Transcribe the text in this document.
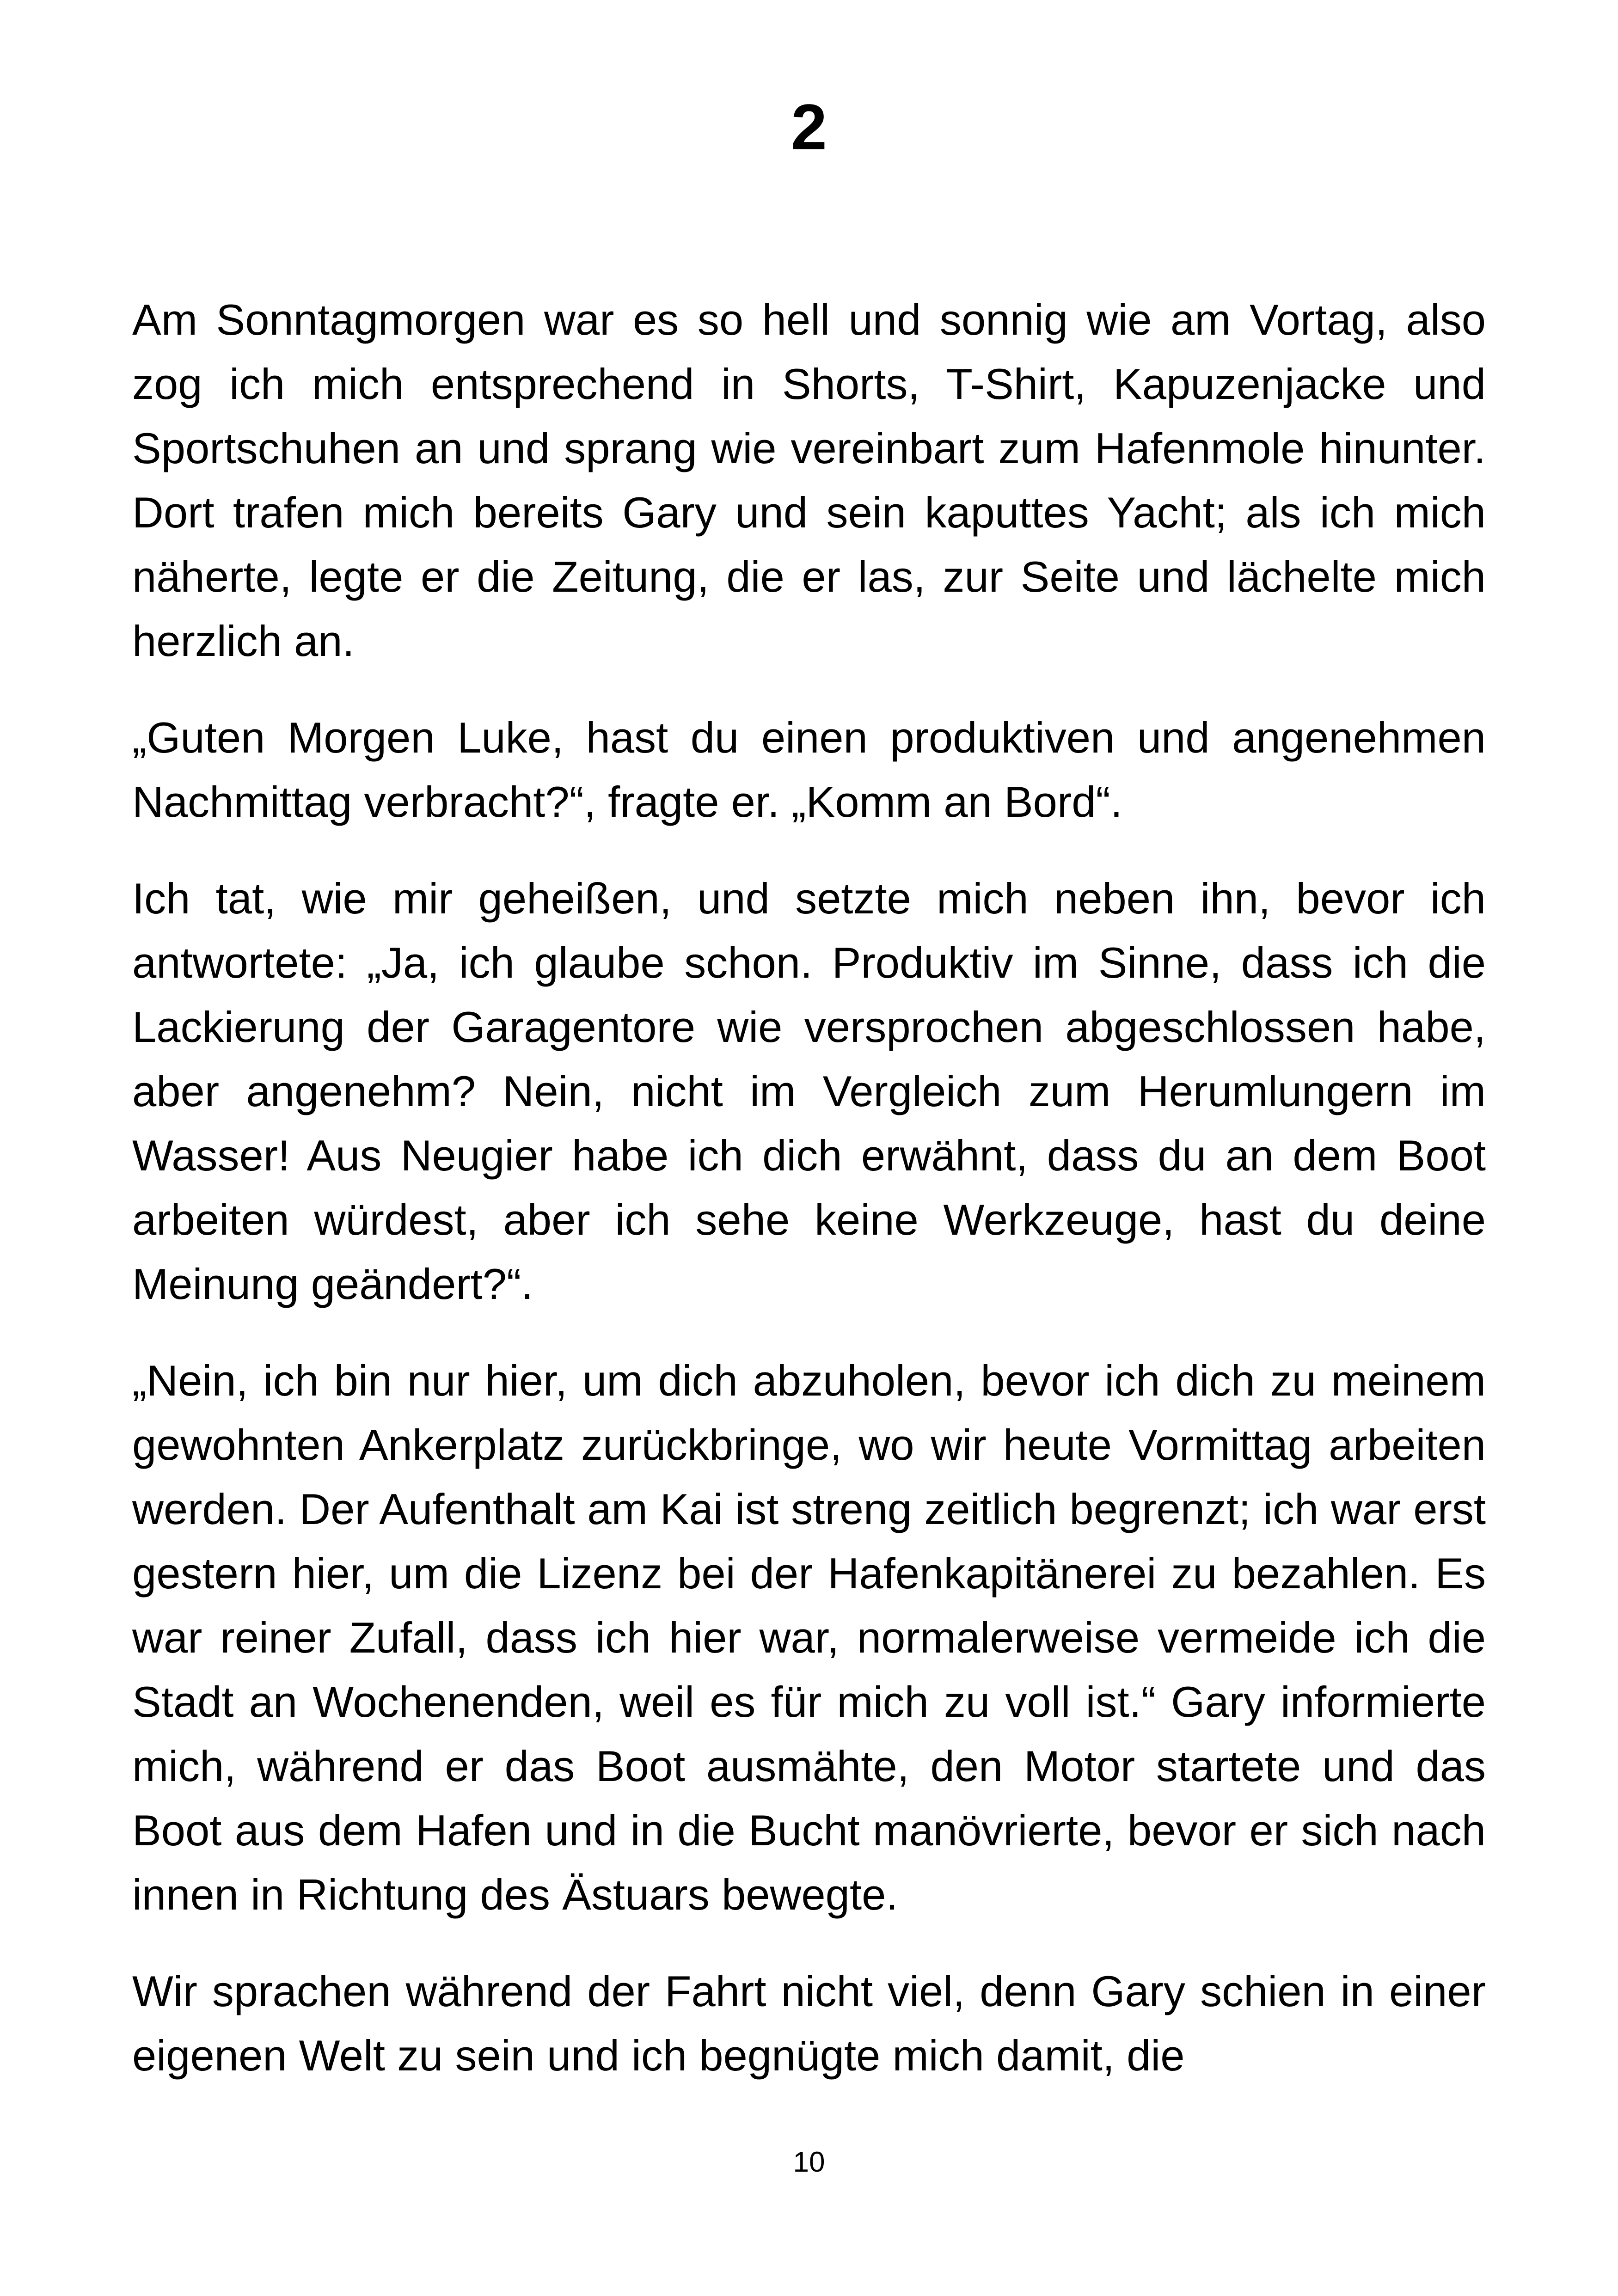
2

Am Sonntagmorgen war es so hell und sonnig wie am Vortag, also zog ich mich entsprechend in Shorts, T-Shirt, Kapuzenjacke und Sportschuhen an und sprang wie vereinbart zum Hafenmole hinunter. Dort trafen mich bereits Gary und sein kaputtes Yacht; als ich mich näherte, legte er die Zeitung, die er las, zur Seite und lächelte mich herzlich an.

„Guten Morgen Luke, hast du einen produktiven und angenehmen Nachmittag verbracht?“, fragte er. „Komm an Bord“.

Ich tat, wie mir geheißen, und setzte mich neben ihn, bevor ich antwortete: „Ja, ich glaube schon. Produktiv im Sinne, dass ich die Lackierung der Garagentore wie versprochen abgeschlossen habe, aber angenehm? Nein, nicht im Vergleich zum Herumlungern im Wasser! Aus Neugier habe ich dich erwähnt, dass du an dem Boot arbeiten würdest, aber ich sehe keine Werkzeuge, hast du deine Meinung geändert?“.

„Nein, ich bin nur hier, um dich abzuholen, bevor ich dich zu meinem gewohnten Ankerplatz zurückbringe, wo wir heute Vormittag arbeiten werden. Der Aufenthalt am Kai ist streng zeitlich begrenzt; ich war erst gestern hier, um die Lizenz bei der Hafenkapitänerei zu bezahlen. Es war reiner Zufall, dass ich hier war, normalerweise vermeide ich die Stadt an Wochenenden, weil es für mich zu voll ist.“ Gary informierte mich, während er das Boot ausmähte, den Motor startete und das Boot aus dem Hafen und in die Bucht manövrierte, bevor er sich nach innen in Richtung des Ästuars bewegte.

Wir sprachen während der Fahrt nicht viel, denn Gary schien in einer eigenen Welt zu sein und ich begnügte mich damit, die

10
